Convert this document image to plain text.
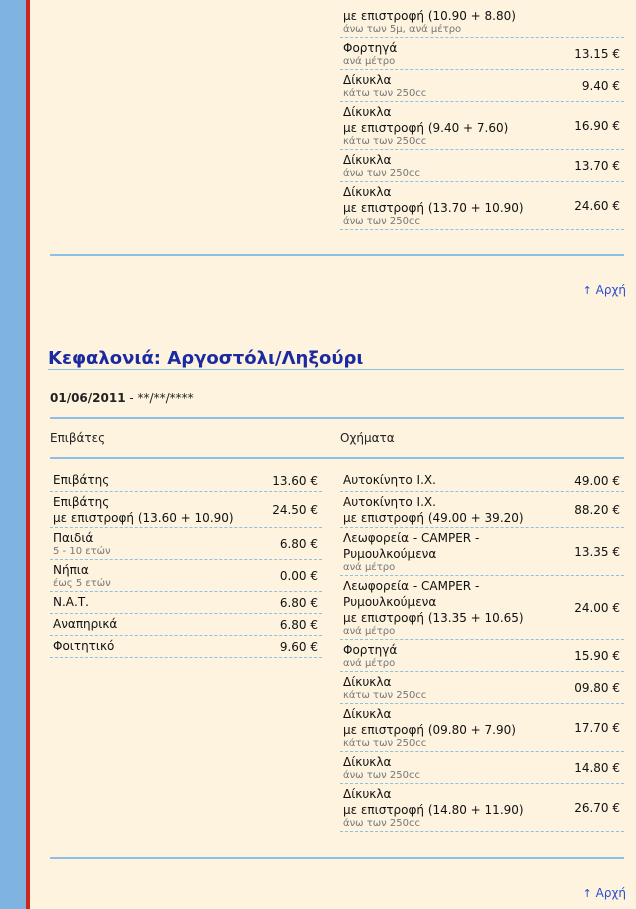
με επιστροφή (10.90 + 8.80)
άνω των 5μ, ανά μέτρο
Φορτηγά
ανά μέτρο
13.15 €
Δίκυκλα
κάτω των 250cc
9.40 €
Δίκυκλα
με επιστροφή (9.40 + 7.60)
κάτω των 250cc
16.90 €
Δίκυκλα
άνω των 250cc
13.70 €
Δίκυκλα
με επιστροφή (13.70 + 10.90)
άνω των 250cc
24.60 €
↑ Αρχή
Κεφαλονιά: Αργοστόλι/Ληξούρι
01/06/2011 - **/**/****
Επιβάτες	Οχήματα
Επιβάτης	13.60 €
Επιβάτης
με επιστροφή (13.60 + 10.90)
24.50 €
Παιδιά
5 - 10 ετών
6.80 €
Νήπια
έως 5 ετών
0.00 €
Ν.Α.Τ.	6.80 €
Αναπηρικά	6.80 €
Φοιτητικό	9.60 €
Αυτοκίνητο Ι.Χ.	49.00 €
Αυτοκίνητο Ι.Χ.
με επιστροφή (49.00 + 39.20)
88.20 €
Λεωφορεία - CAMPER -
Ρυμουλκούμενα
ανά μέτρο
13.35 €
Λεωφορεία - CAMPER -
Ρυμουλκούμενα
με επιστροφή (13.35 + 10.65)
ανά μέτρο
24.00 €
Φορτηγά
ανά μέτρο
15.90 €
Δίκυκλα
κάτω των 250cc
09.80 €
Δίκυκλα
με επιστροφή (09.80 + 7.90)
κάτω των 250cc
17.70 €
Δίκυκλα
άνω των 250cc
14.80 €
Δίκυκλα
με επιστροφή (14.80 + 11.90)
άνω των 250cc
26.70 €
↑ Αρχή
